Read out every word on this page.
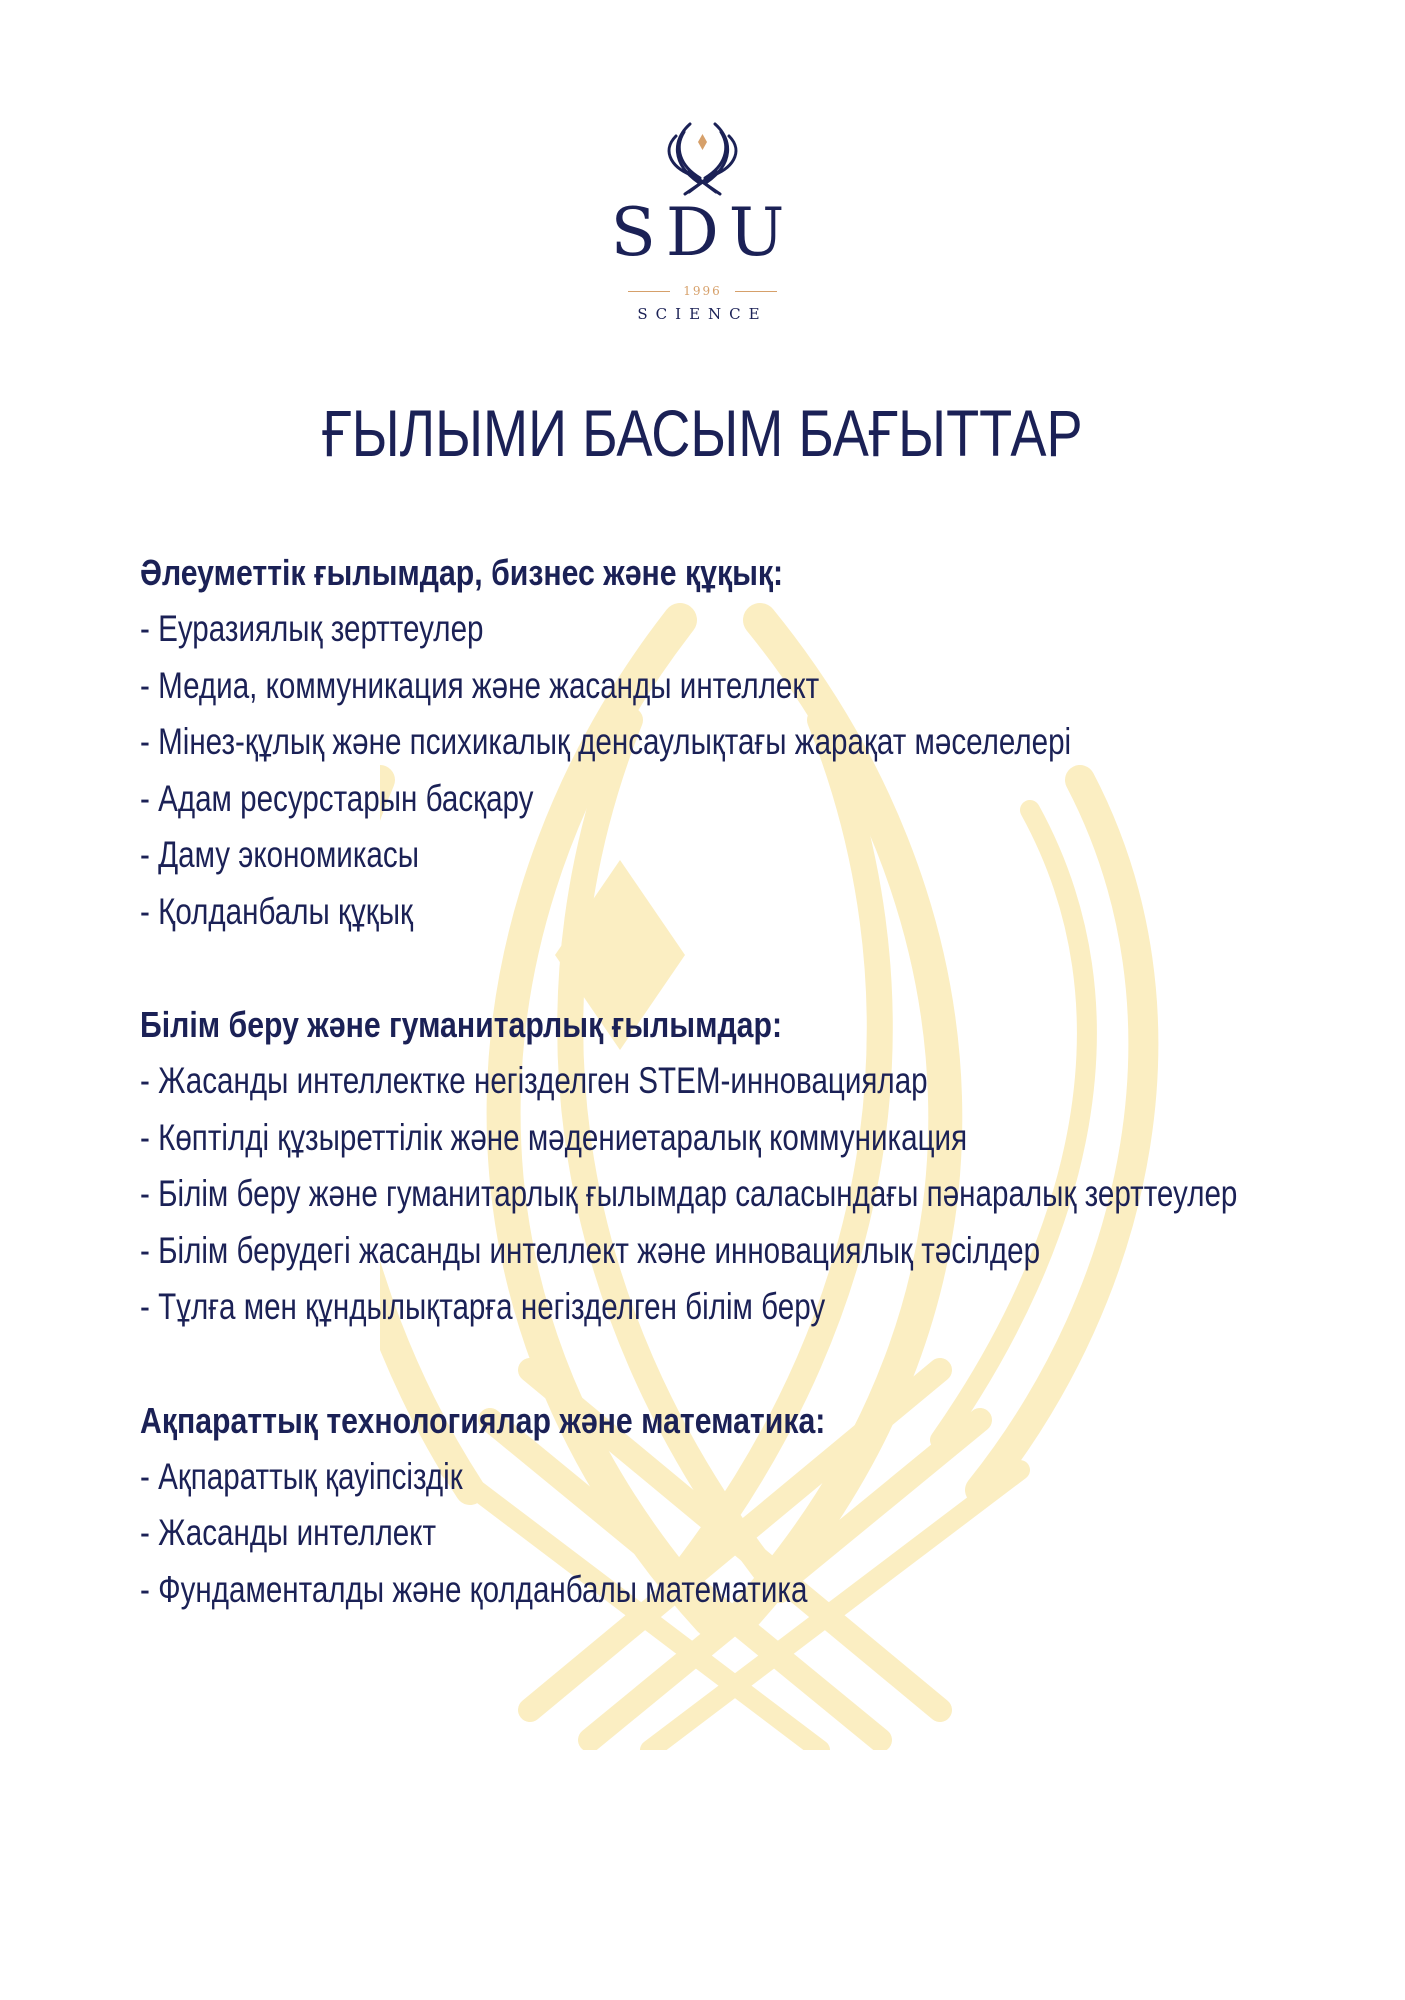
SDU
1996
SCIENCE
ҒЫЛЫМИ БАСЫМ БАҒЫТТАР

Әлеуметтік ғылымдар, бизнес және құқық:

- Еуразиялық зерттеулер

- Медиа, коммуникация және жасанды интеллект

- Мінез-құлық және психикалық денсаулықтағы жарақат мәселелері

- Адам ресурстарын басқару

- Даму экономикасы

- Қолданбалы құқық

Білім беру және гуманитарлық ғылымдар:

- Жасанды интеллектке негізделген STEM-инновациялар

- Көптілді құзыреттілік және мәдениетаралық коммуникация

- Білім беру және гуманитарлық ғылымдар саласындағы пәнаралық зерттеулер

- Білім берудегі жасанды интеллект және инновациялық тәсілдер

- Тұлға мен құндылықтарға негізделген білім беру

Ақпараттық технологиялар және математика:

- Ақпараттық қауіпсіздік

- Жасанды интеллект

- Фундаменталды және қолданбалы математика
